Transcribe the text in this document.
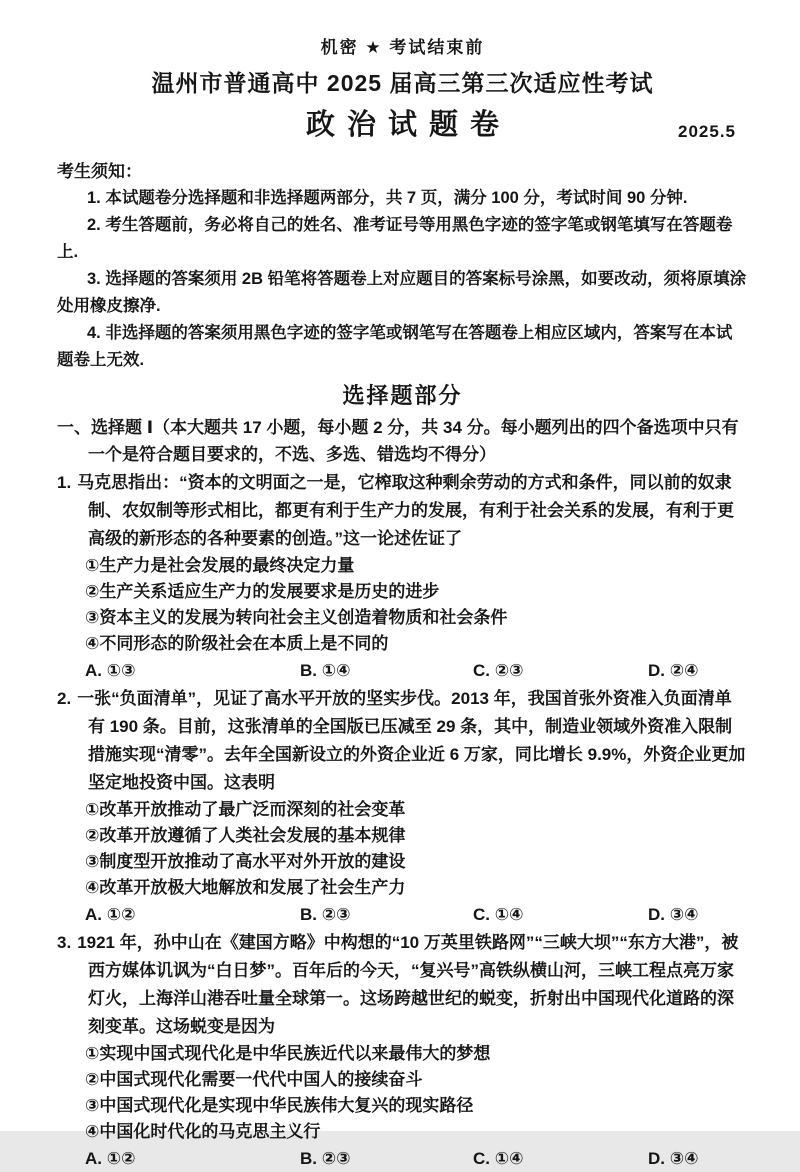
机密 ★ 考试结束前
温州市普通高中 2025 届高三第三次适应性考试
政治试题卷	2025.5
考生须知：

1. 本试题卷分选择题和非选择题两部分，共 7 页，满分 100 分，考试时间 90 分钟.

2. 考生答题前，务必将自己的姓名、准考证号等用黑色字迹的签字笔或钢笔填写在答题卷上.

3. 选择题的答案须用 2B 铅笔将答题卷上对应题目的答案标号涂黑，如要改动，须将原填涂处用橡皮擦净.

4. 非选择题的答案须用黑色字迹的签字笔或钢笔写在答题卷上相应区域内，答案写在本试题卷上无效.

选择题部分

一、选择题 Ⅰ（本大题共 17 小题，每小题 2 分，共 34 分。每小题列出的四个备选项中只有一个是符合题目要求的，不选、多选、错选均不得分）

1. 马克思指出：“资本的文明面之一是，它榨取这种剩余劳动的方式和条件，同以前的奴隶制、农奴制等形式相比，都更有利于生产力的发展，有利于社会关系的发展，有利于更高级的新形态的各种要素的创造。”这一论述佐证了

①生产力是社会发展的最终决定力量
②生产关系适应生产力的发展要求是历史的进步
③资本主义的发展为转向社会主义创造着物质和社会条件
④不同形态的阶级社会在本质上是不同的
A. ①③	B. ①④	C. ②③	D. ②④

2. 一张“负面清单”，见证了高水平开放的坚实步伐。2013 年，我国首张外资准入负面清单有 190 条。目前，这张清单的全国版已压减至 29 条，其中，制造业领域外资准入限制措施实现“清零”。去年全国新设立的外资企业近 6 万家，同比增长 9.9%，外资企业更加坚定地投资中国。这表明

①改革开放推动了最广泛而深刻的社会变革
②改革开放遵循了人类社会发展的基本规律
③制度型开放推动了高水平对外开放的建设
④改革开放极大地解放和发展了社会生产力
A. ①②	B. ②③	C. ①④	D. ③④

3. 1921 年，孙中山在《建国方略》中构想的“10 万英里铁路网”“三峡大坝”“东方大港”，被西方媒体讥讽为“白日梦”。百年后的今天，“复兴号”高铁纵横山河，三峡工程点亮万家灯火，上海洋山港吞吐量全球第一。这场跨越世纪的蜕变，折射出中国现代化道路的深刻变革。这场蜕变是因为

①实现中国式现代化是中华民族近代以来最伟大的梦想
②中国式现代化需要一代代中国人的接续奋斗
③中国式现代化是实现中华民族伟大复兴的现实路径
④中国化时代化的马克思主义行
A. ①②	B. ②③	C. ①④	D. ③④
